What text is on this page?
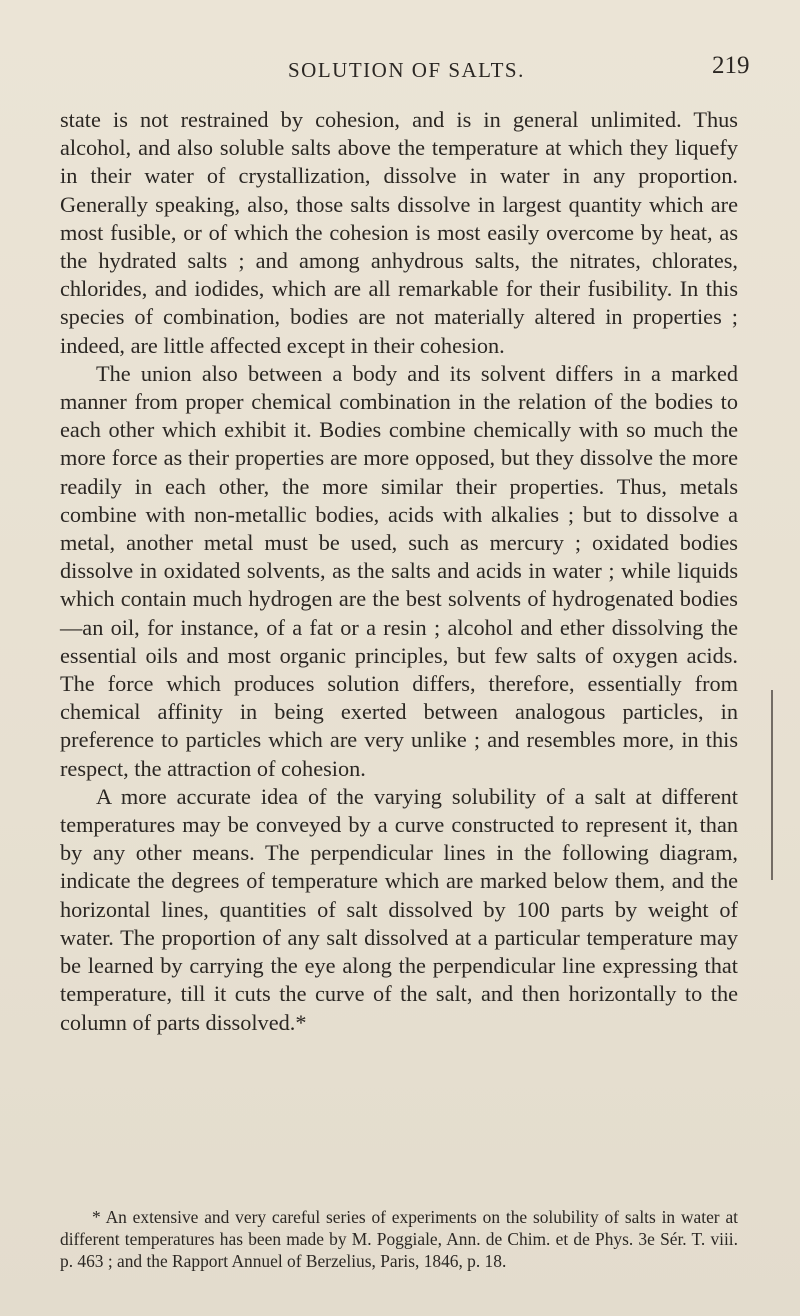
SOLUTION OF SALTS.	219

state is not restrained by cohesion, and is in general unlimited. Thus alcohol, and also soluble salts above the temperature at which they liquefy in their water of crystallization, dissolve in water in any proportion. Generally speaking, also, those salts dissolve in largest quantity which are most fusible, or of which the cohesion is most easily overcome by heat, as the hydrated salts ; and among anhydrous salts, the nitrates, chlorates, chlorides, and iodides, which are all remarkable for their fusibility. In this species of combination, bodies are not materially altered in properties ; indeed, are little affected except in their cohesion.

The union also between a body and its solvent differs in a marked manner from proper chemical combination in the relation of the bodies to each other which exhibit it. Bodies combine chemically with so much the more force as their properties are more opposed, but they dissolve the more readily in each other, the more similar their properties. Thus, metals combine with non-metallic bodies, acids with alkalies ; but to dissolve a metal, another metal must be used, such as mercury ; oxidated bodies dissolve in oxidated solvents, as the salts and acids in water ; while liquids which contain much hydrogen are the best solvents of hydrogenated bodies—an oil, for instance, of a fat or a resin ; alcohol and ether dissolving the essential oils and most organic principles, but few salts of oxygen acids. The force which produces solution differs, therefore, essentially from chemical affinity in being exerted between analogous particles, in preference to particles which are very unlike ; and resembles more, in this respect, the attraction of cohesion.

A more accurate idea of the varying solubility of a salt at different temperatures may be conveyed by a curve constructed to represent it, than by any other means. The perpendicular lines in the following diagram, indicate the degrees of temperature which are marked below them, and the horizontal lines, quantities of salt dissolved by 100 parts by weight of water. The proportion of any salt dissolved at a particular temperature may be learned by carrying the eye along the perpendicular line expressing that temperature, till it cuts the curve of the salt, and then horizontally to the column of parts dissolved.*

* An extensive and very careful series of experiments on the solubility of salts in water at different temperatures has been made by M. Poggiale, Ann. de Chim. et de Phys. 3e Sér. T. viii. p. 463 ; and the Rapport Annuel of Berzelius, Paris, 1846, p. 18.
